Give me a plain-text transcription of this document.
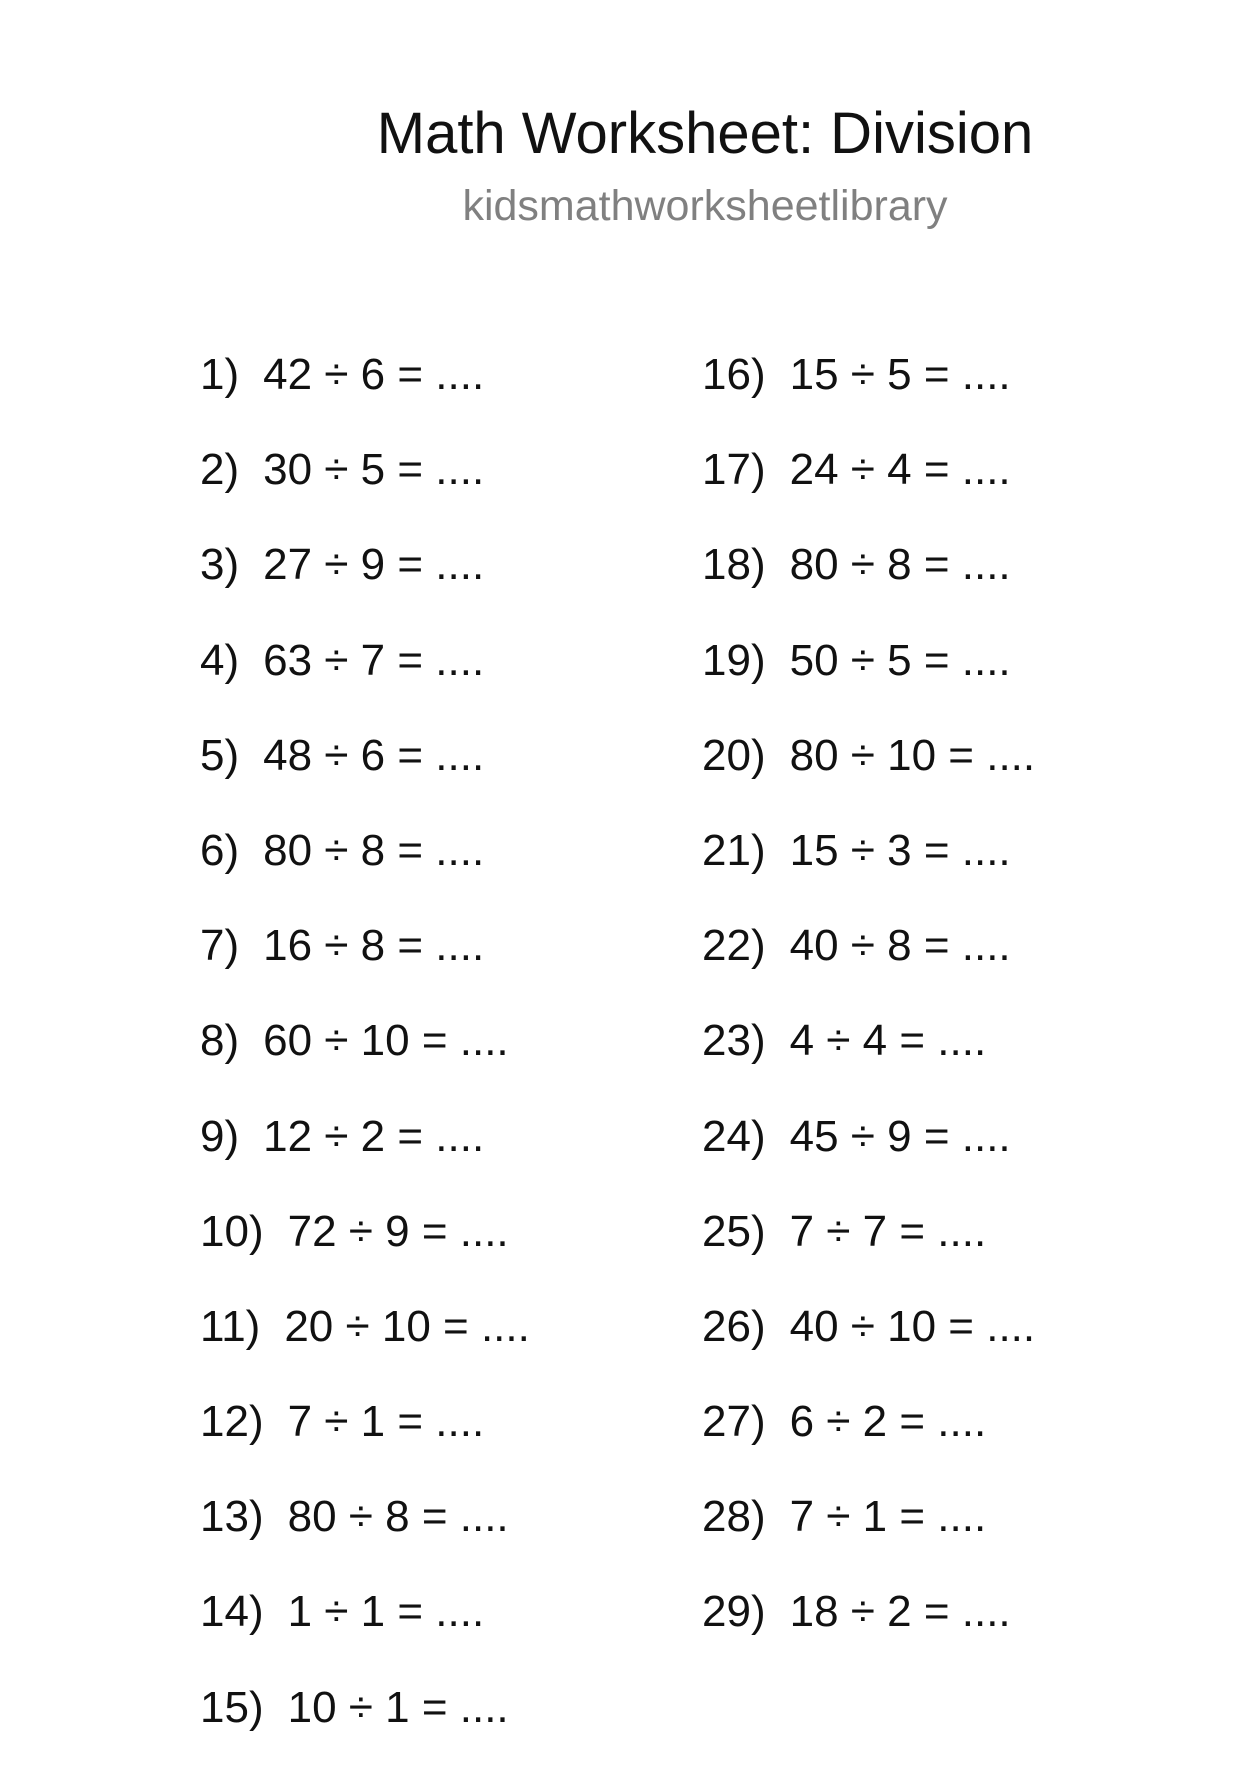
Math Worksheet: Division
kidsmathworksheetlibrary
1) 42 ÷ 6 = ....
2) 30 ÷ 5 = ....
3) 27 ÷ 9 = ....
4) 63 ÷ 7 = ....
5) 48 ÷ 6 = ....
6) 80 ÷ 8 = ....
7) 16 ÷ 8 = ....
8) 60 ÷ 10 = ....
9) 12 ÷ 2 = ....
10) 72 ÷ 9 = ....
11) 20 ÷ 10 = ....
12) 7 ÷ 1 = ....
13) 80 ÷ 8 = ....
14) 1 ÷ 1 = ....
15) 10 ÷ 1 = ....
16) 15 ÷ 5 = ....
17) 24 ÷ 4 = ....
18) 80 ÷ 8 = ....
19) 50 ÷ 5 = ....
20) 80 ÷ 10 = ....
21) 15 ÷ 3 = ....
22) 40 ÷ 8 = ....
23) 4 ÷ 4 = ....
24) 45 ÷ 9 = ....
25) 7 ÷ 7 = ....
26) 40 ÷ 10 = ....
27) 6 ÷ 2 = ....
28) 7 ÷ 1 = ....
29) 18 ÷ 2 = ....
